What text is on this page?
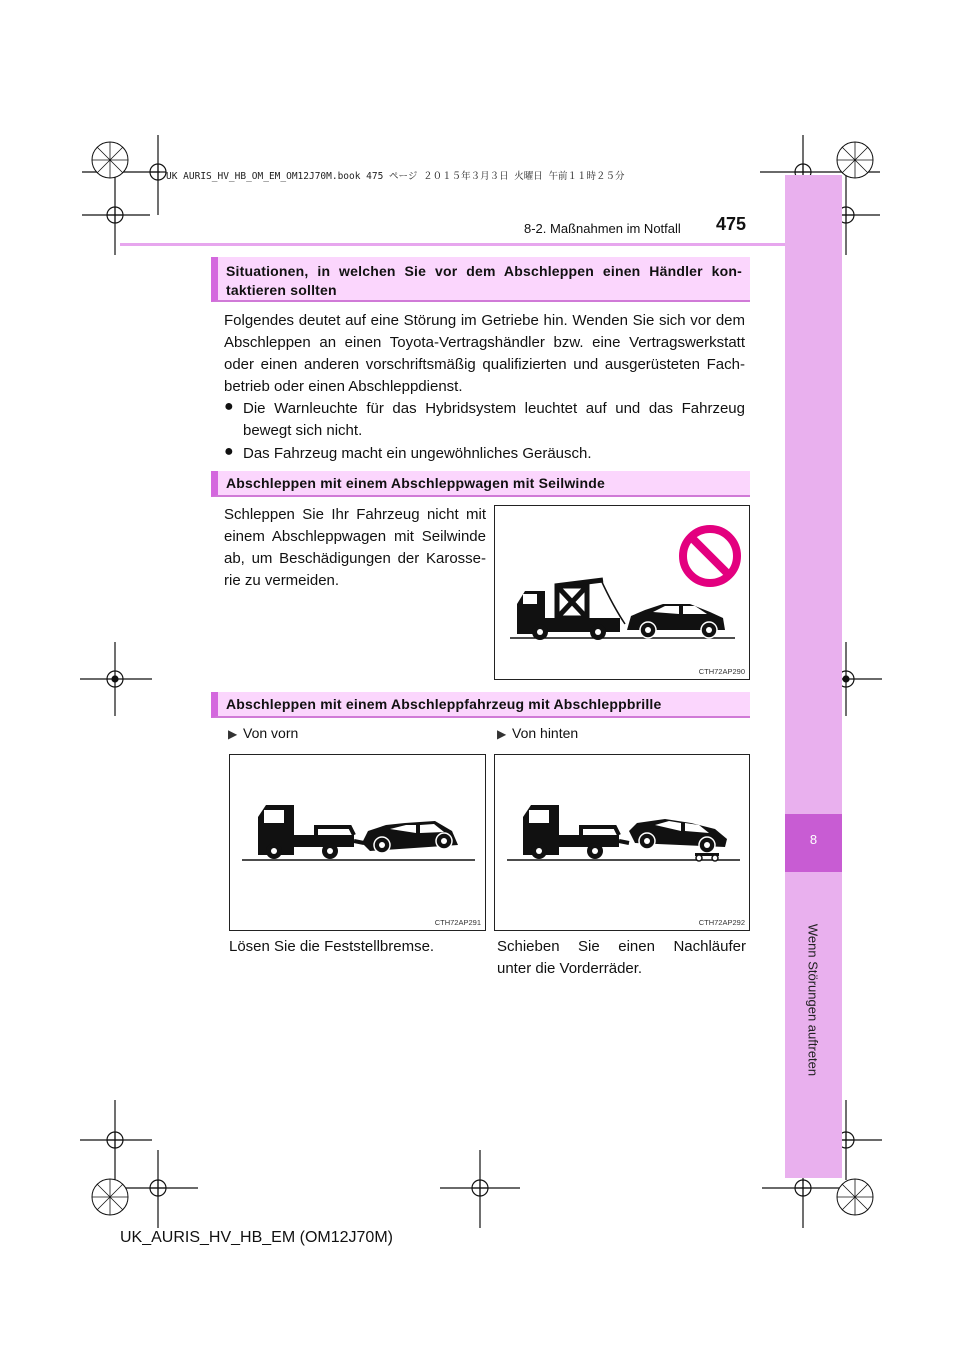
8
Wenn Störungen auftreten
UK AURIS_HV_HB_OM_EM_OM12J70M.book 475 ページ ２０１５年３月３日 火曜日 午前１１時２５分
8-2. Maßnahmen im Notfall 475
Situationen, in welchen Sie vor dem Abschleppen einen Händler kon-
taktieren sollten
Folgendes deutet auf eine Störung im Getriebe hin. Wenden Sie sich vor dem
Abschleppen an einen Toyota-Vertragshändler bzw. eine Vertragswerkstatt
oder einen anderen vorschriftsmäßig qualifizierten und ausgerüsteten Fach-
betrieb oder einen Abschleppdienst.
● Die Warnleuchte für das Hybridsystem leuchtet auf und das Fahrzeug
bewegt sich nicht.
● Das Fahrzeug macht ein ungewöhnliches Geräusch.
Abschleppen mit einem Abschleppwagen mit Seilwinde
Schleppen Sie Ihr Fahrzeug nicht mit
einem Abschleppwagen mit Seilwinde
ab, um Beschädigungen der Karosse-
rie zu vermeiden.
CTH72AP290
Abschleppen mit einem Abschleppfahrzeug mit Abschleppbrille
▶ Von vorn	▶ Von hinten
CTH72AP291	CTH72AP292
Lösen Sie die Feststellbremse.	Schieben Sie einen Nachläufer
unter die Vorderräder.
UK_AURIS_HV_HB_EM (OM12J70M)
